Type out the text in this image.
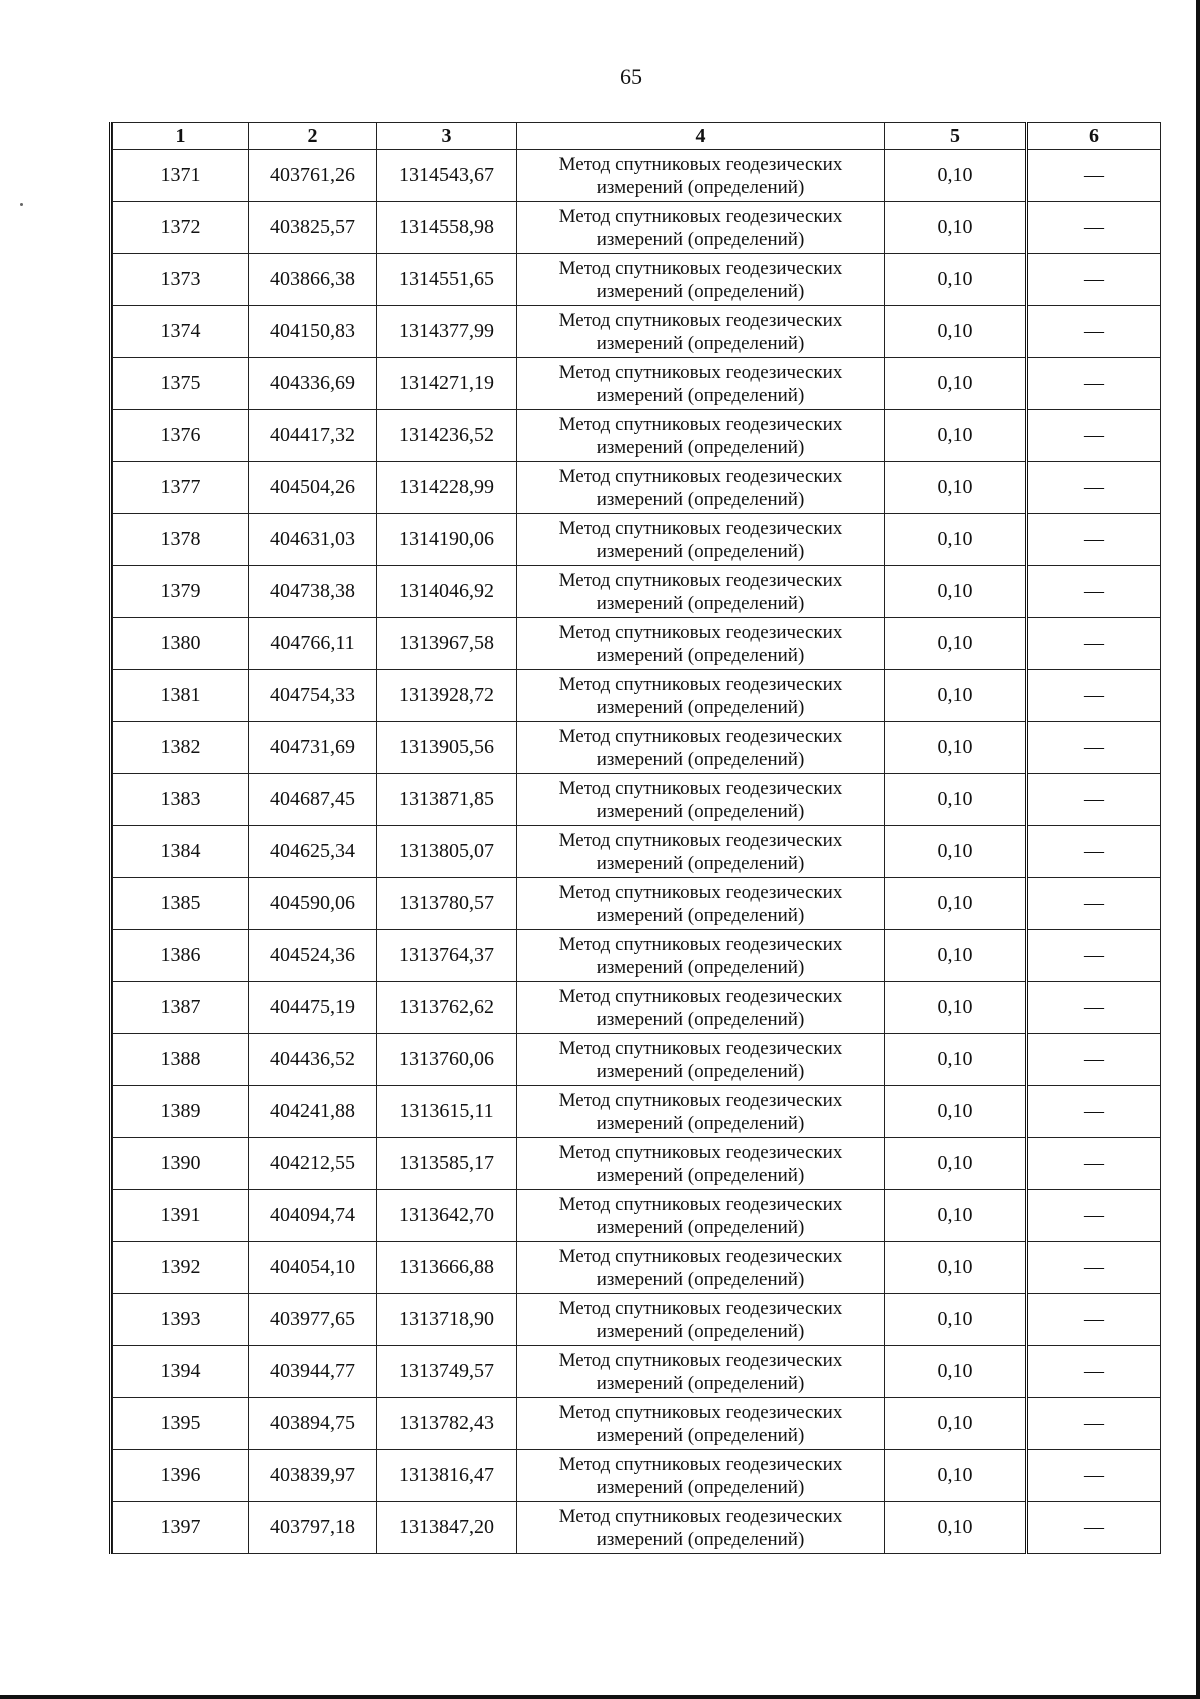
65
1	2	3	4	5	6
1371	403761,26	1314543,67	Метод спутниковых геодезических измерений (определений)	0,10	—
1372	403825,57	1314558,98	Метод спутниковых геодезических измерений (определений)	0,10	—
1373	403866,38	1314551,65	Метод спутниковых геодезических измерений (определений)	0,10	—
1374	404150,83	1314377,99	Метод спутниковых геодезических измерений (определений)	0,10	—
1375	404336,69	1314271,19	Метод спутниковых геодезических измерений (определений)	0,10	—
1376	404417,32	1314236,52	Метод спутниковых геодезических измерений (определений)	0,10	—
1377	404504,26	1314228,99	Метод спутниковых геодезических измерений (определений)	0,10	—
1378	404631,03	1314190,06	Метод спутниковых геодезических измерений (определений)	0,10	—
1379	404738,38	1314046,92	Метод спутниковых геодезических измерений (определений)	0,10	—
1380	404766,11	1313967,58	Метод спутниковых геодезических измерений (определений)	0,10	—
1381	404754,33	1313928,72	Метод спутниковых геодезических измерений (определений)	0,10	—
1382	404731,69	1313905,56	Метод спутниковых геодезических измерений (определений)	0,10	—
1383	404687,45	1313871,85	Метод спутниковых геодезических измерений (определений)	0,10	—
1384	404625,34	1313805,07	Метод спутниковых геодезических измерений (определений)	0,10	—
1385	404590,06	1313780,57	Метод спутниковых геодезических измерений (определений)	0,10	—
1386	404524,36	1313764,37	Метод спутниковых геодезических измерений (определений)	0,10	—
1387	404475,19	1313762,62	Метод спутниковых геодезических измерений (определений)	0,10	—
1388	404436,52	1313760,06	Метод спутниковых геодезических измерений (определений)	0,10	—
1389	404241,88	1313615,11	Метод спутниковых геодезических измерений (определений)	0,10	—
1390	404212,55	1313585,17	Метод спутниковых геодезических измерений (определений)	0,10	—
1391	404094,74	1313642,70	Метод спутниковых геодезических измерений (определений)	0,10	—
1392	404054,10	1313666,88	Метод спутниковых геодезических измерений (определений)	0,10	—
1393	403977,65	1313718,90	Метод спутниковых геодезических измерений (определений)	0,10	—
1394	403944,77	1313749,57	Метод спутниковых геодезических измерений (определений)	0,10	—
1395	403894,75	1313782,43	Метод спутниковых геодезических измерений (определений)	0,10	—
1396	403839,97	1313816,47	Метод спутниковых геодезических измерений (определений)	0,10	—
1397	403797,18	1313847,20	Метод спутниковых геодезических измерений (определений)	0,10	—
